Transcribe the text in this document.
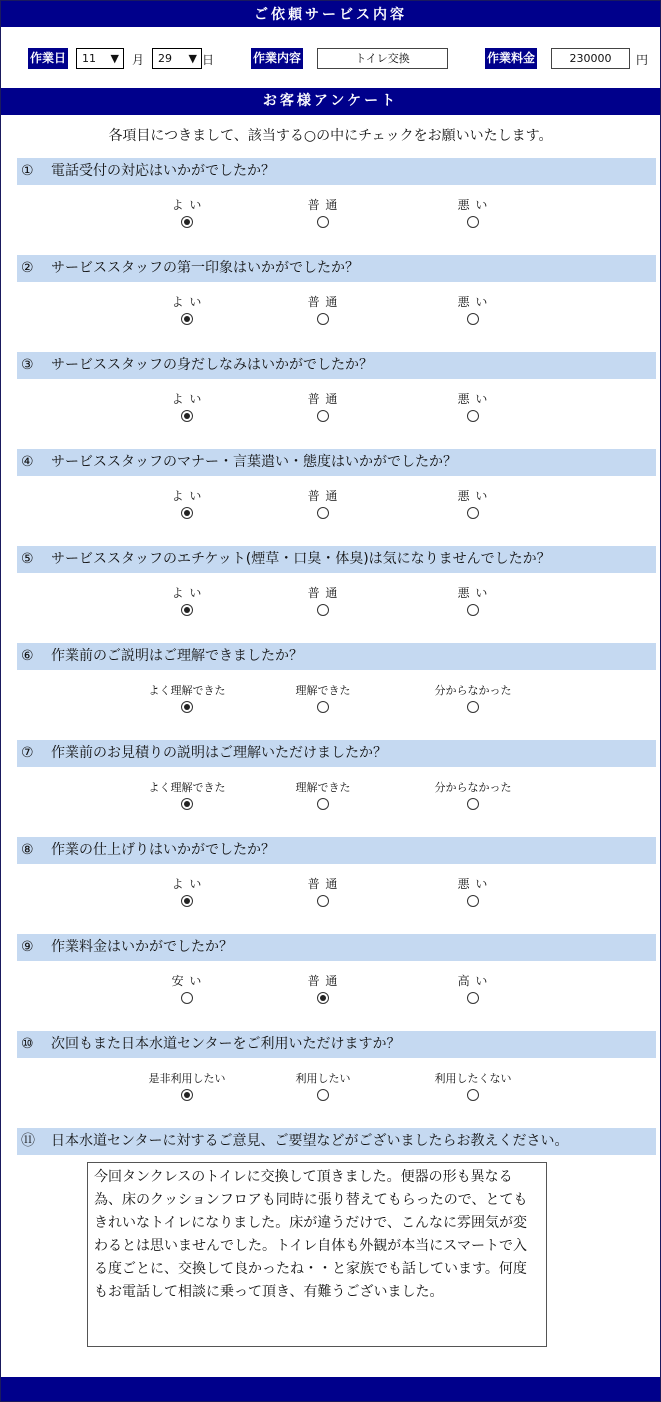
ご依頼サービス内容
作業日 11 ▼ 月 29 ▼ 日	作業内容	トイレ交換	作業料金	230000	円
お客様アンケート
各項目につきまして、該当する○の中にチェックをお願いいたします。
① 電話受付の対応はいかがでしたか？
よ い	普 通	悪 い
② サービススタッフの第一印象はいかがでしたか？
よ い	普 通	悪 い
③ サービススタッフの身だしなみはいかがでしたか？
よ い	普 通	悪 い
④ サービススタッフのマナー・言葉遣い・態度はいかがでしたか？
よ い	普 通	悪 い
⑤ サービススタッフのエチケット(煙草・口臭・体臭)は気になりませんでしたか？
よ い	普 通	悪 い
⑥ 作業前のご説明はご理解できましたか？
よく理解できた	理解できた	分からなかった
⑦ 作業前のお見積りの説明はご理解いただけましたか？
よく理解できた	理解できた	分からなかった
⑧ 作業の仕上げりはいかがでしたか？
よ い	普 通	悪 い
⑨ 作業料金はいかがでしたか？
安 い	普 通	高 い
⑩ 次回もまた日本水道センターをご利用いただけますか？
是非利用したい	利用したい	利用したくない
⑪ 日本水道センターに対するご意見、ご要望などがございましたらお教えください。
今回タンクレスのトイレに交換して頂きました。便器の形も異なる為、床のクッションフロアも同時に張り替えてもらったので、とてもきれいなトイレになりました。床が違うだけで、こんなに雰囲気が変わるとは思いませんでした。トイレ自体も外観が本当にスマートで入る度ごとに、交換して良かったね・・と家族でも話しています。何度もお電話して相談に乗って頂き、有難うございました。
